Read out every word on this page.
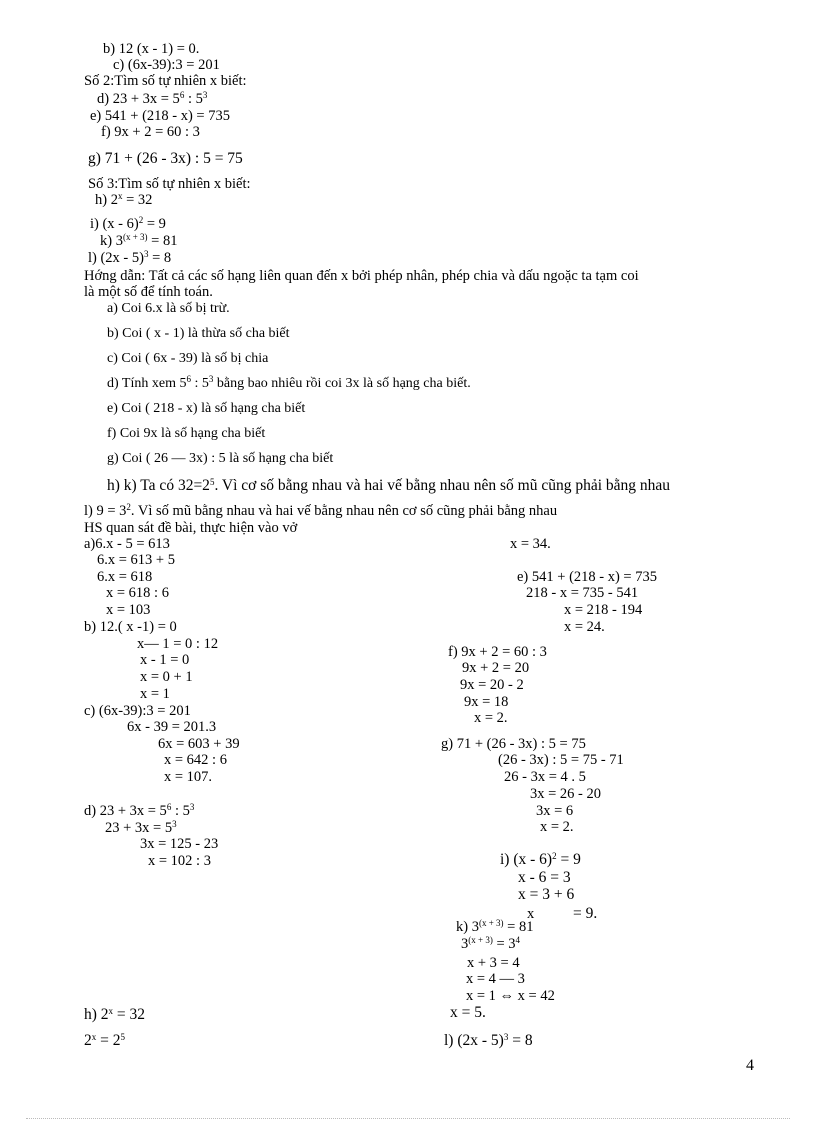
b) 12 (x - 1) = 0.
c) (6x-39):3 = 201
Số 2:Tìm số tự nhiên x biết:
d) $23 + 3x = 5^6$ : $5^3$
e) 541 + (218 - x) = 735
f) 9x + 2 = 60 : 3
g) 71 + (26 - 3x) : 5 = 75
Số 3:Tìm số tự nhiên x biết:
h) $2^x = 32$
i) (x - 6)$^2$ = 9
k) $3^{(x + 3)} = 81$
l) (2x - 5)$^3$ = 8
Hớng dẫn: Tất cả các số hạng liên quan đến x bởi phép nhân, phép chia và dấu ngoặc ta tạm coi
là một số để tính toán.
a) Coi 6.x là số bị trừ.
b) Coi ( x - 1) là thừa số cha biết
c) Coi ( 6x - 39) là số bị chia
d) Tính xem $5^6$ : $5^3$ bằng bao nhiêu rồi coi 3x là số hạng cha biết.
e) Coi ( 218 - x) là số hạng cha biết
f) Coi 9x là số hạng cha biết
g) Coi ( 26 — 3x) : 5 là số hạng cha biết
h) k) Ta có $32=2^5$. Vì cơ số bằng nhau và hai vế bằng nhau nên số mũ cũng phải bằng nhau
l) $9 = 3^2$. Vì số mũ bằng nhau và hai vế bằng nhau nên cơ số cũng phải bằng nhau
HS quan sát đề bài, thực hiện vào vở
a)6.x - 5 = 613
6.x = 613 + 5
6.x = 618
x = 618 : 6
x = 103
b) 12.( x -1) = 0
x— 1 = 0 : 12
x - 1 = 0
x = 0 + 1
x = 1
c) (6x-39):3 = 201
6x - 39 = 201.3
6x = 603 + 39
x = 642 : 6
x = 107.
d) $23 + 3x = 5^6$ : $5^3$
$23 + 3x = 5^3$
3x = 125 - 23
x = 102 : 3
h) $2^x = 32$
$2^x = 2^5$
x = 34.
e) 541 + (218 - x) = 735
218 - x = 735 - 541
x = 218 - 194
x = 24.
f) 9x + 2 = 60 : 3
9x + 2 = 20
9x = 20 - 2
9x = 18
x = 2.
g) 71 + (26 - 3x) : 5 = 75
(26 - 3x) : 5 = 75 - 71
26 - 3x = 4 . 5
3x = 26 - 20
3x = 6
x = 2.
i) (x - 6)$^2$ = 9
x - 6 = 3
x = 3 + 6
x	= 9.
k) $3^{(x + 3)} = 81$
$3^{(x + 3)} = 3^4$
x + 3 = 4
x = 4 — 3
x = 1 ⇔ x = 42
x = 5.
l) (2x - 5)$^3$ = 8
4
